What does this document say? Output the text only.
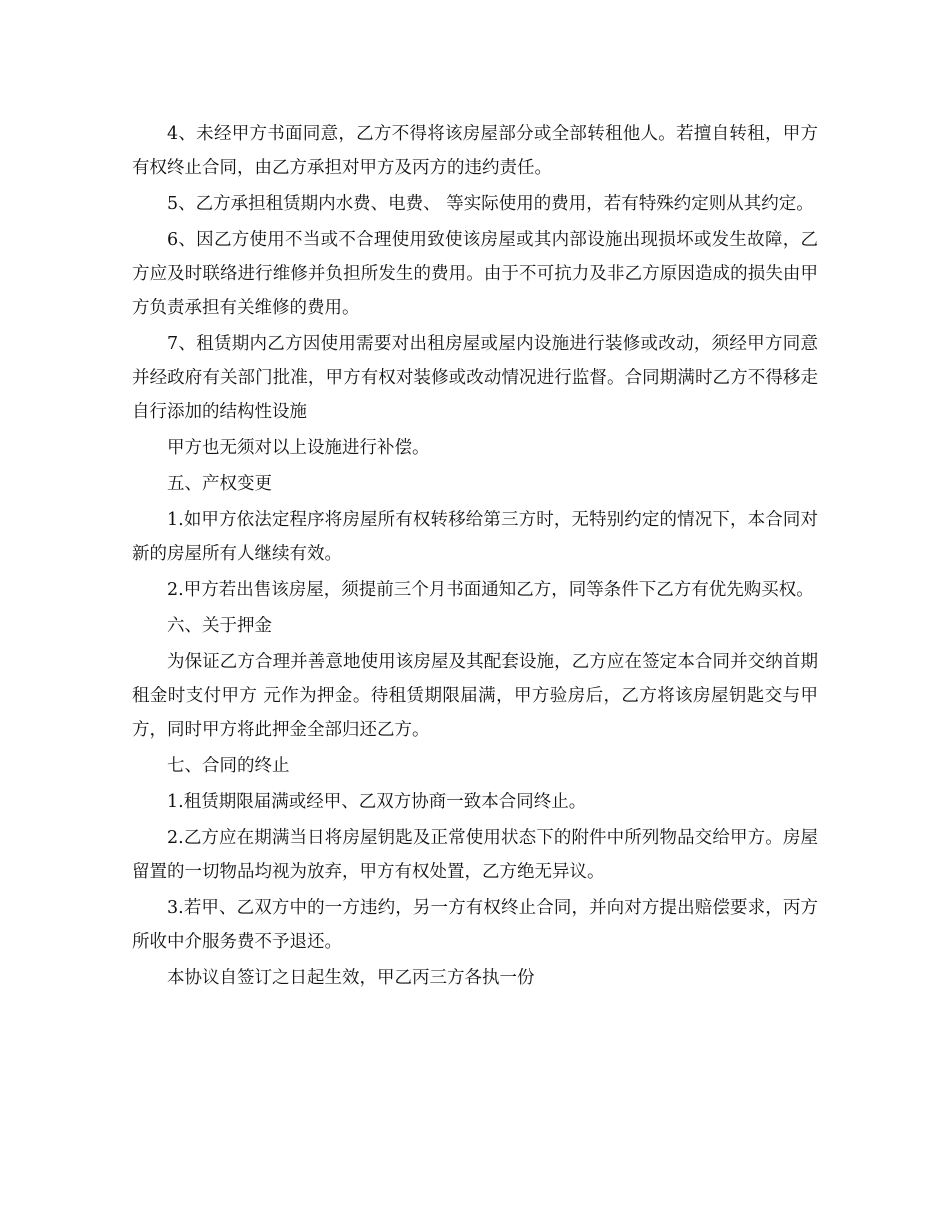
4、未经甲方书面同意，乙方不得将该房屋部分或全部转租他人。若擅自转租，甲方有权终止合同，由乙方承担对甲方及丙方的违约责任。

5、乙方承担租赁期内水费、电费、 等实际使用的费用，若有特殊约定则从其约定。

6、因乙方使用不当或不合理使用致使该房屋或其内部设施出现损坏或发生故障，乙方应及时联络进行维修并负担所发生的费用。由于不可抗力及非乙方原因造成的损失由甲方负责承担有关维修的费用。

7、租赁期内乙方因使用需要对出租房屋或屋内设施进行装修或改动，须经甲方同意并经政府有关部门批准，甲方有权对装修或改动情况进行监督。合同期满时乙方不得移走自行添加的结构性设施

甲方也无须对以上设施进行补偿。

五、产权变更

1.如甲方依法定程序将房屋所有权转移给第三方时，无特别约定的情况下，本合同对新的房屋所有人继续有效。

2.甲方若出售该房屋，须提前三个月书面通知乙方，同等条件下乙方有优先购买权。

六、关于押金

为保证乙方合理并善意地使用该房屋及其配套设施，乙方应在签定本合同并交纳首期租金时支付甲方 元作为押金。待租赁期限届满，甲方验房后，乙方将该房屋钥匙交与甲方，同时甲方将此押金全部归还乙方。

七、合同的终止

1.租赁期限届满或经甲、乙双方协商一致本合同终止。

2.乙方应在期满当日将房屋钥匙及正常使用状态下的附件中所列物品交给甲方。房屋留置的一切物品均视为放弃，甲方有权处置，乙方绝无异议。

3.若甲、乙双方中的一方违约，另一方有权终止合同，并向对方提出赔偿要求，丙方所收中介服务费不予退还。

本协议自签订之日起生效，甲乙丙三方各执一份
